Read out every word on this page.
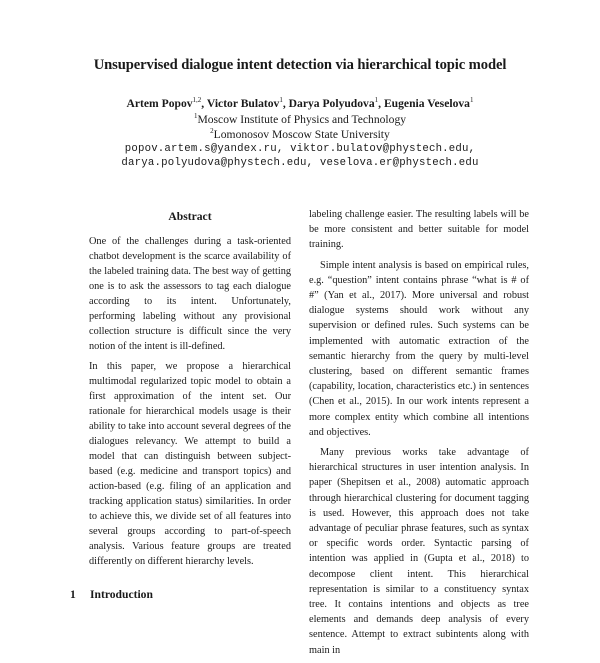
Unsupervised dialogue intent detection via hierarchical topic model
Artem Popov$^{1,2}$, Victor Bulatov$^1$, Darya Polyudova$^1$, Eugenia Veselova$^1$
$^1$Moscow Institute of Physics and Technology
$^2$Lomonosov Moscow State University
popov.artem.s@yandex.ru, viktor.bulatov@phystech.edu,
darya.polyudova@phystech.edu, veselova.er@phystech.edu
Abstract

One of the challenges during a task-oriented chatbot development is the scarce availability of the labeled training data. The best way of getting one is to ask the assessors to tag each dialogue according to its intent. Unfortunately, performing labeling without any provisional collection structure is difficult since the very notion of the intent is ill-defined.

In this paper, we propose a hierarchical multimodal regularized topic model to obtain a first approximation of the intent set. Our rationale for hierarchical models usage is their ability to take into account several degrees of the dialogues relevancy. We attempt to build a model that can distinguish between subject-based (e.g. medicine and transport topics) and action-based (e.g. filing of an application and tracking application status) similarities. In order to achieve this, we divide set of all features into several groups according to part-of-speech analysis. Various feature groups are treated differently on different hierarchy levels.

labeling challenge easier. The resulting labels will be be more consistent and better suitable for model training.

Simple intent analysis is based on empirical rules, e.g. “question” intent contains phrase “what is # of #” (Yan et al., 2017). More universal and robust dialogue systems should work without any supervision or defined rules. Such systems can be implemented with automatic extraction of the semantic hierarchy from the query by multi-level clustering, based on different semantic frames (capability, location, characteristics etc.) in sentences (Chen et al., 2015). In our work intents represent a more complex entity which combine all intentions and objectives.

Many previous works take advantage of hierarchical structures in user intention analysis. In paper (Shepitsen et al., 2008) automatic approach through hierarchical clustering for document tagging is used. However, this approach does not take advantage of peculiar phrase features, such as syntax or specific words order. Syntactic parsing of intention was applied in (Gupta et al., 2018) to decompose client intent. This hierarchical representation is similar to a constituency syntax tree. It contains intentions and objects as tree elements and demands deep analysis of every sentence. Attempt to extract subintents along with main in

1 Introduction
